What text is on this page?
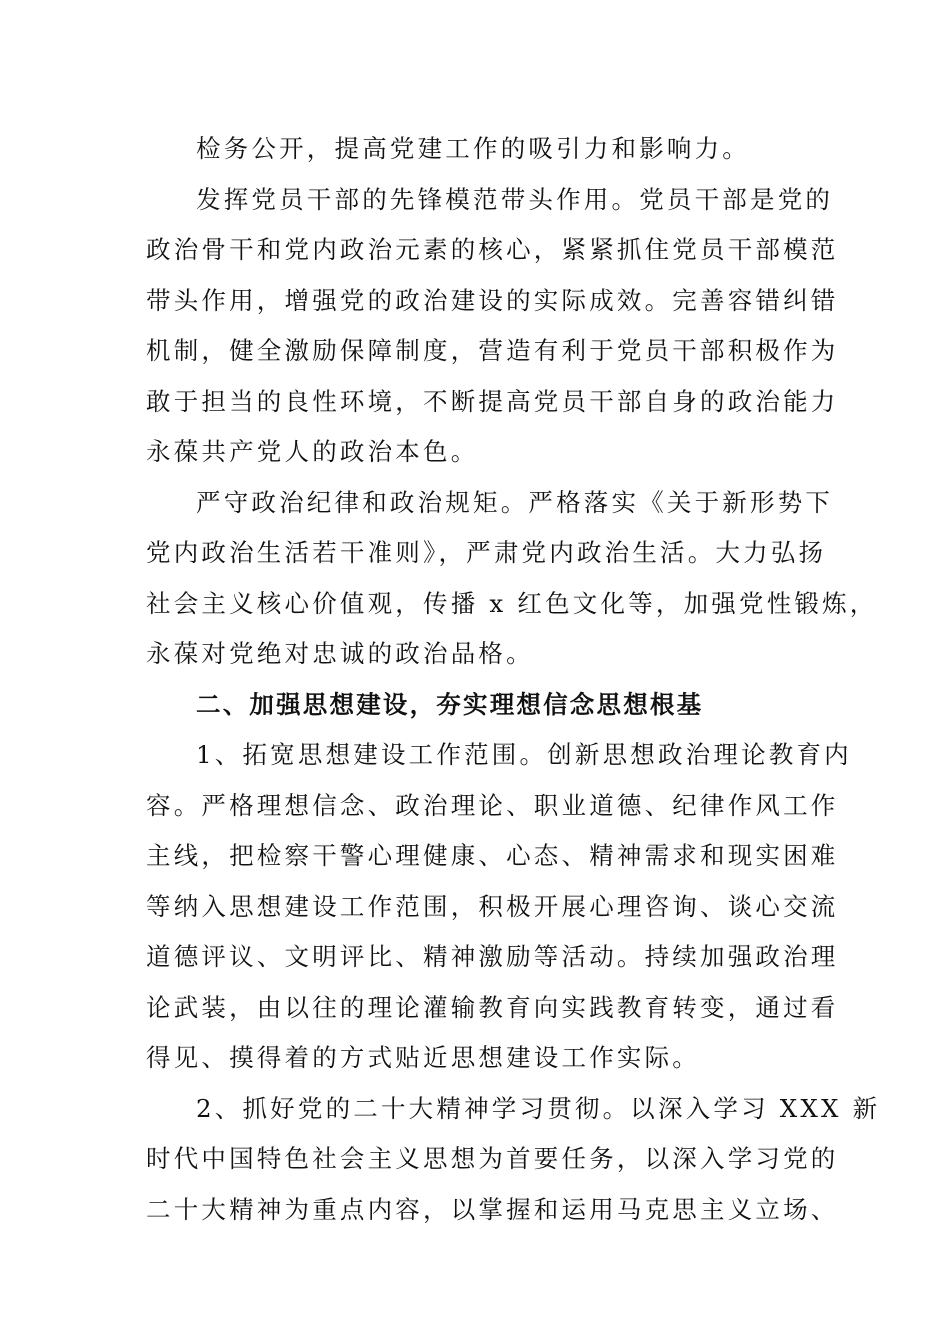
检务公开，提高党建工作的吸引力和影响力。
发挥党员干部的先锋模范带头作用。党员干部是党的
政治骨干和党内政治元素的核心，紧紧抓住党员干部模范
带头作用，增强党的政治建设的实际成效。完善容错纠错
机制，健全激励保障制度，营造有利于党员干部积极作为
敢于担当的良性环境，不断提高党员干部自身的政治能力
永葆共产党人的政治本色。
严守政治纪律和政治规矩。严格落实《关于新形势下
党内政治生活若干准则》，严肃党内政治生活。大力弘扬
社会主义核心价值观，传播 x 红色文化等，加强党性锻炼，
永葆对党绝对忠诚的政治品格。
二、加强思想建设，夯实理想信念思想根基
1、拓宽思想建设工作范围。创新思想政治理论教育内
容。严格理想信念、政治理论、职业道德、纪律作风工作
主线，把检察干警心理健康、心态、精神需求和现实困难
等纳入思想建设工作范围，积极开展心理咨询、谈心交流
道德评议、文明评比、精神激励等活动。持续加强政治理
论武装，由以往的理论灌输教育向实践教育转变，通过看
得见、摸得着的方式贴近思想建设工作实际。
2、抓好党的二十大精神学习贯彻。以深入学习 XXX 新
时代中国特色社会主义思想为首要任务，以深入学习党的
二十大精神为重点内容，以掌握和运用马克思主义立场、
